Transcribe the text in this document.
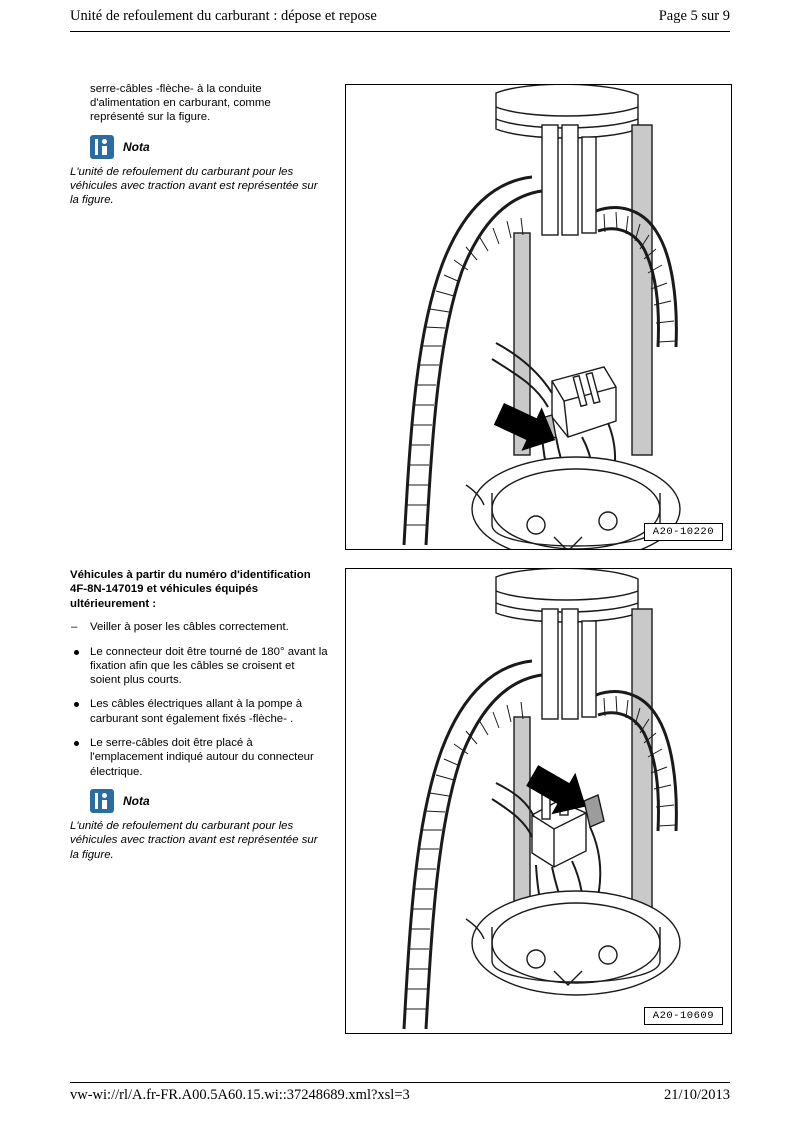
Unité de refoulement du carburant : dépose et repose	Page 5 sur 9

serre-câbles -flèche- à la conduite d'alimentation en carburant, comme représenté sur la figure.

Nota

L'unité de refoulement du carburant pour les véhicules avec traction avant est représentée sur la figure.

Véhicules à partir du numéro d'identification 4F-8N-147019 et véhicules équipés ultérieurement :

– Veiller à poser les câbles correctement.
Le connecteur doit être tourné de 180° avant la fixation afin que les câbles se croisent et soient plus courts.
Les câbles électriques allant à la pompe à carburant sont également fixés -flèche- .
Le serre-câbles doit être placé à l'emplacement indiqué autour du connecteur électrique.
Nota

L'unité de refoulement du carburant pour les véhicules avec traction avant est représentée sur la figure.

A20-10220
A20-10609
vw-wi://rl/A.fr-FR.A00.5A60.15.wi::37248689.xml?xsl=3	21/10/2013
